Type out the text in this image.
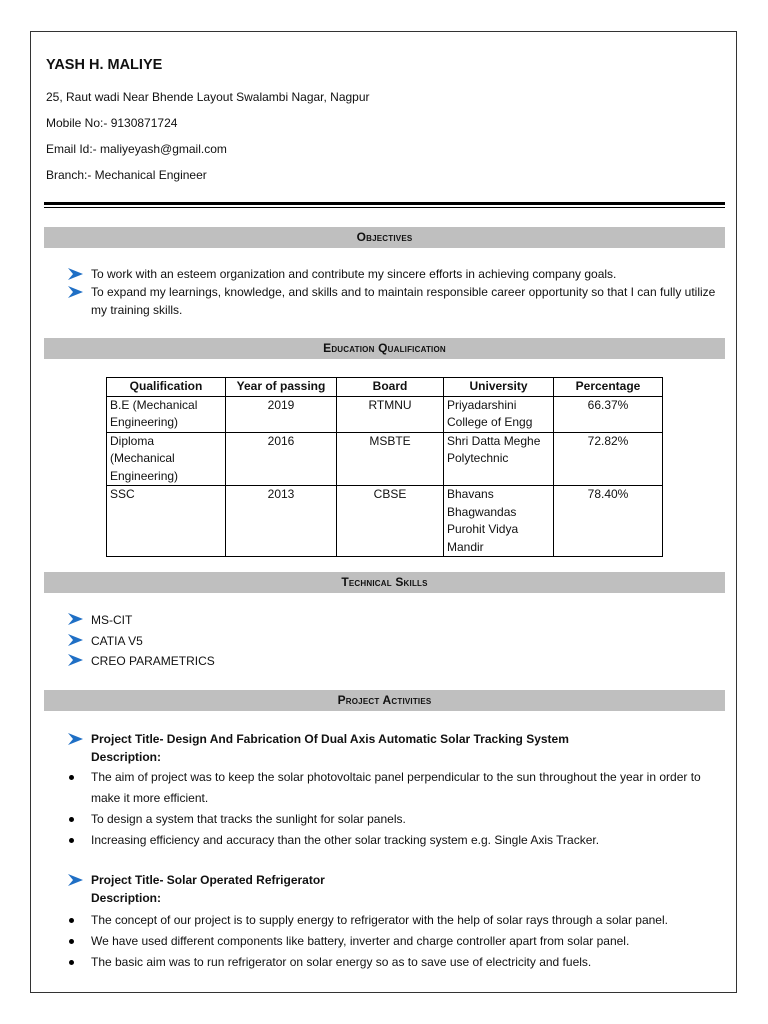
YASH H. MALIYE
25, Raut wadi Near Bhende Layout Swalambi Nagar, Nagpur
Mobile No:- 9130871724
Email Id:- maliyeyash@gmail.com
Branch:- Mechanical Engineer
Objectives
To work with an esteem organization and contribute my sincere efforts in achieving company goals.
To expand my learnings, knowledge, and skills and to maintain responsible career opportunity so that I can fully utilize my training skills.
Education Qualification
Qualification	Year of passing	Board	University	Percentage
B.E (Mechanical Engineering)	2019	RTMNU	Priyadarshini College of Engg	66.37%
Diploma (Mechanical Engineering)	2016	MSBTE	Shri Datta Meghe Polytechnic	72.82%
SSC	2013	CBSE	Bhavans Bhagwandas Purohit Vidya Mandir	78.40%
Technical Skills
MS-CIT
CATIA V5
CREO PARAMETRICS
Project Activities
Project Title- Design And Fabrication Of Dual Axis Automatic Solar Tracking System
Description:
The aim of project was to keep the solar photovoltaic panel perpendicular to the sun throughout the year in order to make it more efficient.
To design a system that tracks the sunlight for solar panels.
Increasing efficiency and accuracy than the other solar tracking system e.g. Single Axis Tracker.
Project Title- Solar Operated Refrigerator
Description:
The concept of our project is to supply energy to refrigerator with the help of solar rays through a solar panel.
We have used different components like battery, inverter and charge controller apart from solar panel.
The basic aim was to run refrigerator on solar energy so as to save use of electricity and fuels.
